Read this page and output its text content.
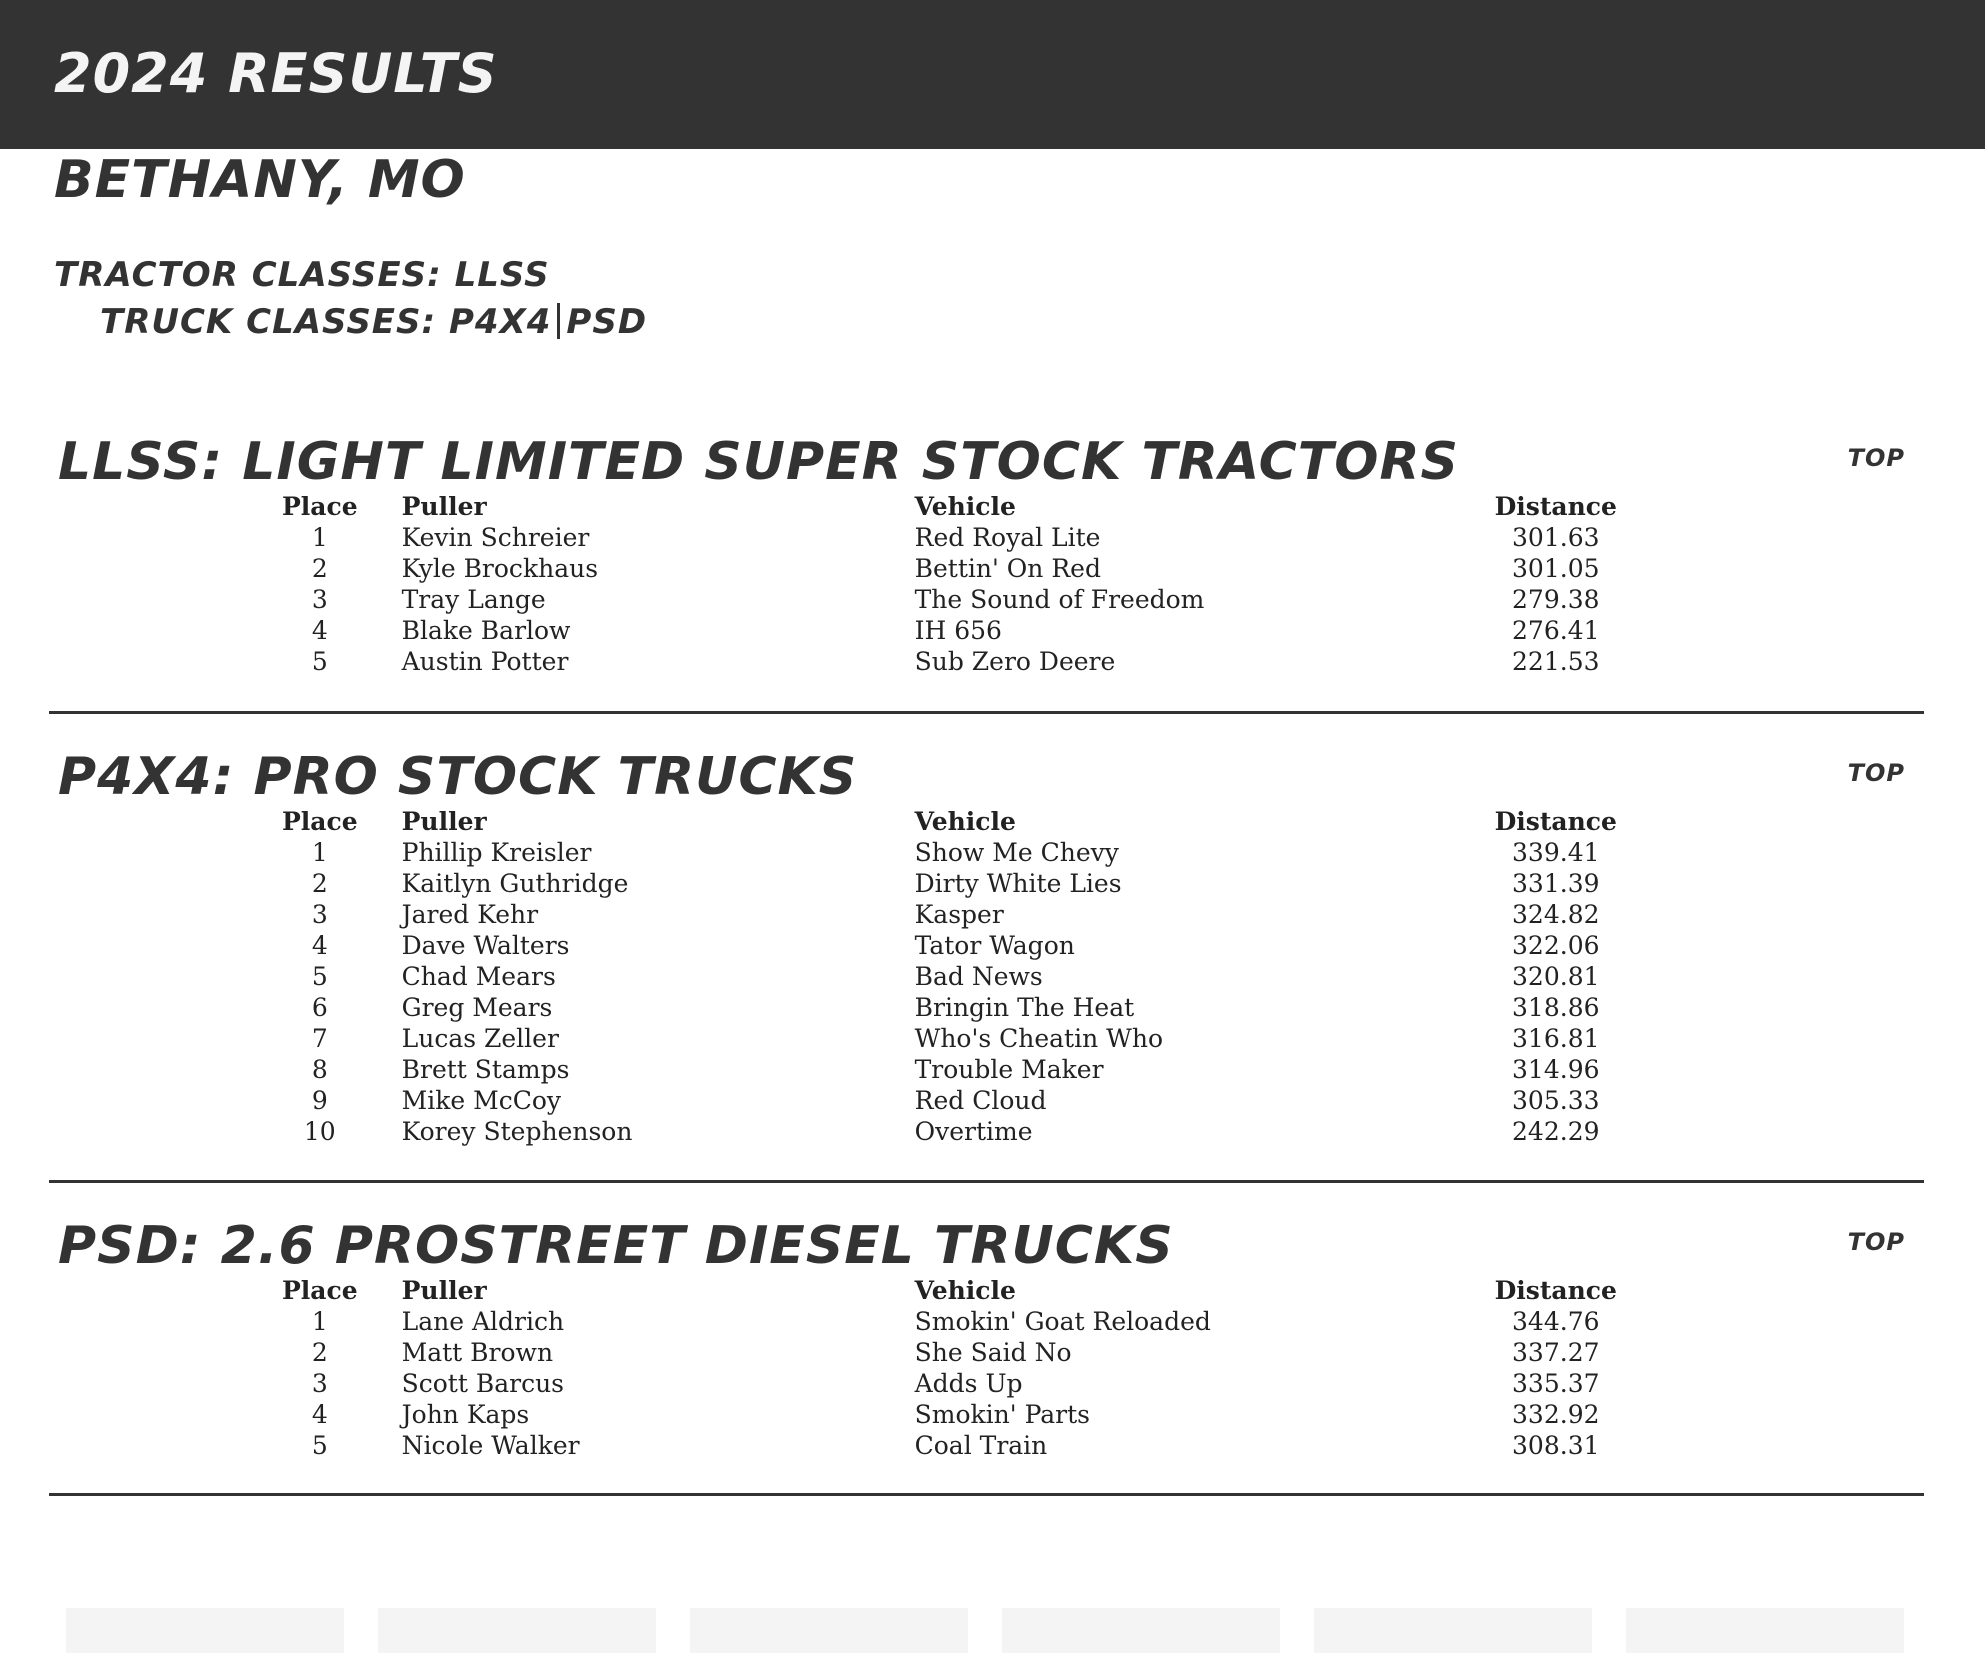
2024 RESULTS
BETHANY, MO
TRACTOR CLASSES: LLSS
TRUCK CLASSES: P4X4 PSD
LLSS: LIGHT LIMITED SUPER STOCK TRACTORS	TOP
	Place		Puller	Vehicle	Distance	
	1		Kevin Schreier	Red Royal Lite	301.63	
	2		Kyle Brockhaus	Bettin' On Red	301.05	
	3		Tray Lange	The Sound of Freedom	279.38	
	4		Blake Barlow	IH 656	276.41	
	5		Austin Potter	Sub Zero Deere	221.53	
P4X4: PRO STOCK TRUCKS	TOP
	Place		Puller	Vehicle	Distance	
	1		Phillip Kreisler	Show Me Chevy	339.41	
	2		Kaitlyn Guthridge	Dirty White Lies	331.39	
	3		Jared Kehr	Kasper	324.82	
	4		Dave Walters	Tator Wagon	322.06	
	5		Chad Mears	Bad News	320.81	
	6		Greg Mears	Bringin The Heat	318.86	
	7		Lucas Zeller	Who's Cheatin Who	316.81	
	8		Brett Stamps	Trouble Maker	314.96	
	9		Mike McCoy	Red Cloud	305.33	
	10		Korey Stephenson	Overtime	242.29	
PSD: 2.6 PROSTREET DIESEL TRUCKS	TOP
	Place		Puller	Vehicle	Distance	
	1		Lane Aldrich	Smokin' Goat Reloaded	344.76	
	2		Matt Brown	She Said No	337.27	
	3		Scott Barcus	Adds Up	335.37	
	4		John Kaps	Smokin' Parts	332.92	
	5		Nicole Walker	Coal Train	308.31	
